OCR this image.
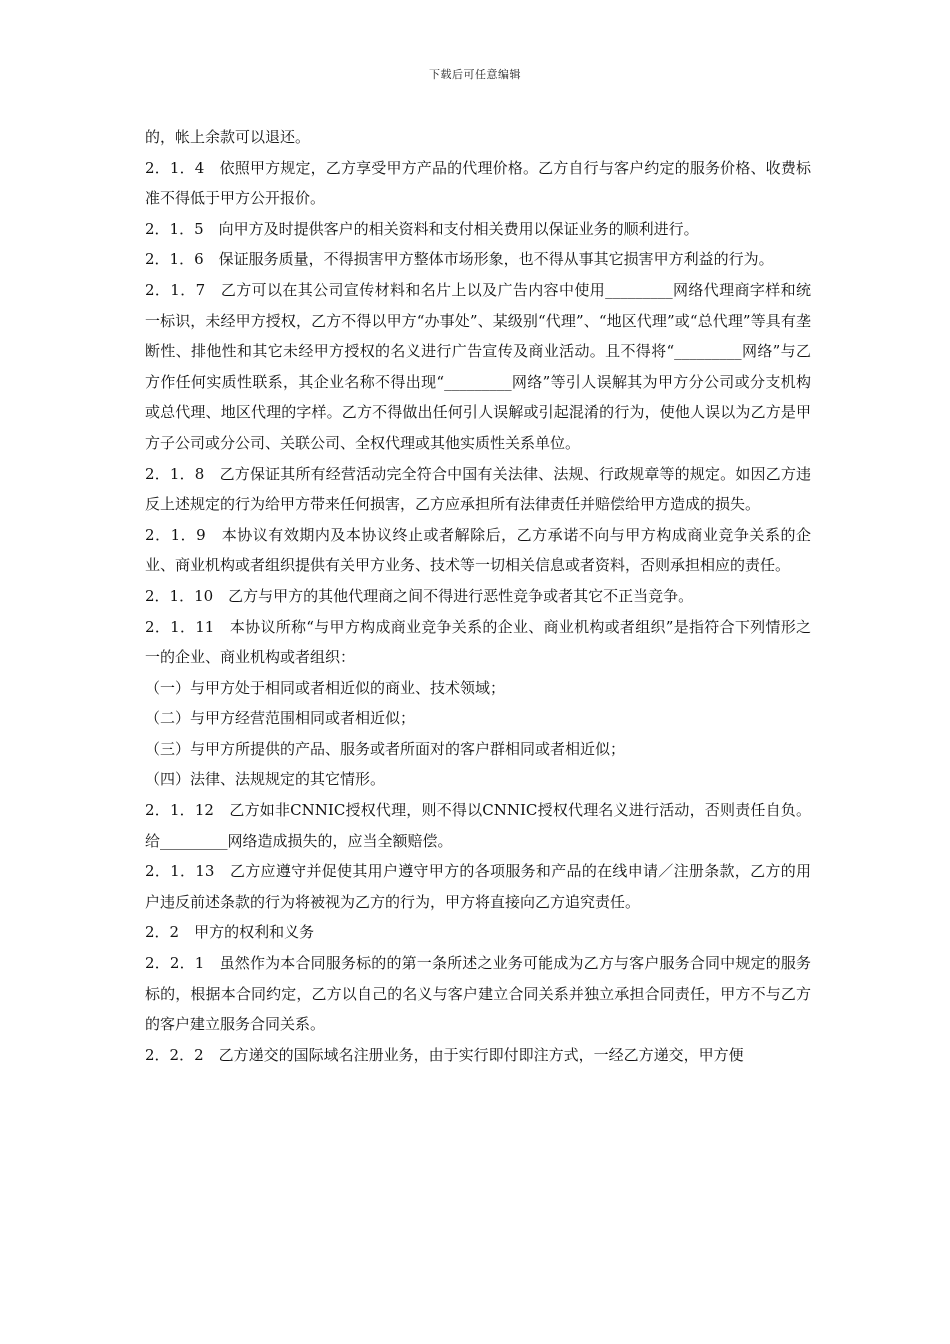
下载后可任意编辑

的，帐上余款可以退还。

2．1．4　依照甲方规定，乙方享受甲方产品的代理价格。乙方自行与客户约定的服务价格、收费标准不得低于甲方公开报价。

2．1．5　向甲方及时提供客户的相关资料和支付相关费用以保证业务的顺利进行。

2．1．6　保证服务质量，不得损害甲方整体市场形象，也不得从事其它损害甲方利益的行为。

2．1．7　乙方可以在其公司宣传材料和名片上以及广告内容中使用_________网络代理商字样和统一标识，未经甲方授权，乙方不得以甲方“办事处”、某级别“代理”、“地区代理”或“总代理”等具有垄断性、排他性和其它未经甲方授权的名义进行广告宣传及商业活动。且不得将“_________网络”与乙方作任何实质性联系，其企业名称不得出现“_________网络”等引人误解其为甲方分公司或分支机构或总代理、地区代理的字样。乙方不得做出任何引人误解或引起混淆的行为，使他人误以为乙方是甲方子公司或分公司、关联公司、全权代理或其他实质性关系单位。

2．1．8　乙方保证其所有经营活动完全符合中国有关法律、法规、行政规章等的规定。如因乙方违反上述规定的行为给甲方带来任何损害，乙方应承担所有法律责任并赔偿给甲方造成的损失。

2．1．9　本协议有效期内及本协议终止或者解除后，乙方承诺不向与甲方构成商业竞争关系的企业、商业机构或者组织提供有关甲方业务、技术等一切相关信息或者资料，否则承担相应的责任。

2．1．10　乙方与甲方的其他代理商之间不得进行恶性竞争或者其它不正当竞争。

2．1．11　本协议所称“与甲方构成商业竞争关系的企业、商业机构或者组织”是指符合下列情形之一的企业、商业机构或者组织：

（一）与甲方处于相同或者相近似的商业、技术领域；

（二）与甲方经营范围相同或者相近似；

（三）与甲方所提供的产品、服务或者所面对的客户群相同或者相近似；

（四）法律、法规规定的其它情形。

2．1．12　乙方如非CNNIC授权代理，则不得以CNNIC授权代理名义进行活动，否则责任自负。给_________网络造成损失的，应当全额赔偿。

2．1．13　乙方应遵守并促使其用户遵守甲方的各项服务和产品的在线申请／注册条款，乙方的用户违反前述条款的行为将被视为乙方的行为，甲方将直接向乙方追究责任。

2．2　甲方的权利和义务

2．2．1　虽然作为本合同服务标的的第一条所述之业务可能成为乙方与客户服务合同中规定的服务标的，根据本合同约定，乙方以自己的名义与客户建立合同关系并独立承担合同责任，甲方不与乙方的客户建立服务合同关系。

2．2．2　乙方递交的国际域名注册业务，由于实行即付即注方式，一经乙方递交，甲方便
